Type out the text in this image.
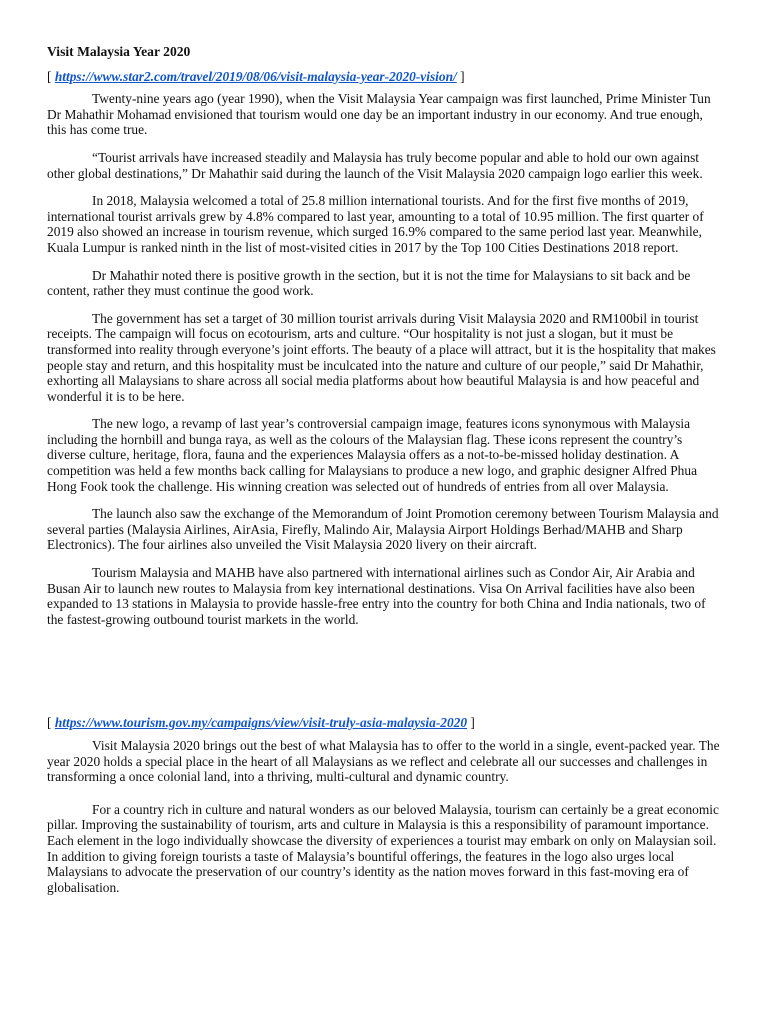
Visit Malaysia Year 2020
[ https://www.star2.com/travel/2019/08/06/visit-malaysia-year-2020-vision/ ]

Twenty-nine years ago (year 1990), when the Visit Malaysia Year campaign was first launched, Prime Minister Tun Dr Mahathir Mohamad envisioned that tourism would one day be an important industry in our economy. And true enough, this has come true.

“Tourist arrivals have increased steadily and Malaysia has truly become popular and able to hold our own against other global destinations,” Dr Mahathir said during the launch of the Visit Malaysia 2020 campaign logo earlier this week.

In 2018, Malaysia welcomed a total of 25.8 million international tourists. And for the first five months of 2019, international tourist arrivals grew by 4.8% compared to last year, amounting to a total of 10.95 million. The first quarter of 2019 also showed an increase in tourism revenue, which surged 16.9% compared to the same period last year. Meanwhile, Kuala Lumpur is ranked ninth in the list of most-visited cities in 2017 by the Top 100 Cities Destinations 2018 report.

Dr Mahathir noted there is positive growth in the section, but it is not the time for Malaysians to sit back and be content, rather they must continue the good work.

The government has set a target of 30 million tourist arrivals during Visit Malaysia 2020 and RM100bil in tourist receipts. The campaign will focus on ecotourism, arts and culture. “Our hospitality is not just a slogan, but it must be transformed into reality through everyone’s joint efforts. The beauty of a place will attract, but it is the hospitality that makes people stay and return, and this hospitality must be inculcated into the nature and culture of our people,” said Dr Mahathir, exhorting all Malaysians to share across all social media platforms about how beautiful Malaysia is and how peaceful and wonderful it is to be here.

The new logo, a revamp of last year’s controversial campaign image, features icons synonymous with Malaysia including the hornbill and bunga raya, as well as the colours of the Malaysian flag. These icons represent the country’s diverse culture, heritage, flora, fauna and the experiences Malaysia offers as a not-to-be-missed holiday destination. A competition was held a few months back calling for Malaysians to produce a new logo, and graphic designer Alfred Phua Hong Fook took the challenge. His winning creation was selected out of hundreds of entries from all over Malaysia.

The launch also saw the exchange of the Memorandum of Joint Promotion ceremony between Tourism Malaysia and several parties (Malaysia Airlines, AirAsia, Firefly, Malindo Air, Malaysia Airport Holdings Berhad/MAHB and Sharp Electronics). The four airlines also unveiled the Visit Malaysia 2020 livery on their aircraft.

Tourism Malaysia and MAHB have also partnered with international airlines such as Condor Air, Air Arabia and Busan Air to launch new routes to Malaysia from key international destinations. Visa On Arrival facilities have also been expanded to 13 stations in Malaysia to provide hassle-free entry into the country for both China and India nationals, two of the fastest-growing outbound tourist markets in the world.

[ https://www.tourism.gov.my/campaigns/view/visit-truly-asia-malaysia-2020 ]

Visit Malaysia 2020 brings out the best of what Malaysia has to offer to the world in a single, event-packed year. The year 2020 holds a special place in the heart of all Malaysians as we reflect and celebrate all our successes and challenges in transforming a once colonial land, into a thriving, multi-cultural and dynamic country.

For a country rich in culture and natural wonders as our beloved Malaysia, tourism can certainly be a great economic pillar. Improving the sustainability of tourism, arts and culture in Malaysia is this a responsibility of paramount importance. Each element in the logo individually showcase the diversity of experiences a tourist may embark on only on Malaysian soil. In addition to giving foreign tourists a taste of Malaysia’s bountiful offerings, the features in the logo also urges local Malaysians to advocate the preservation of our country’s identity as the nation moves forward in this fast-moving era of globalisation.
